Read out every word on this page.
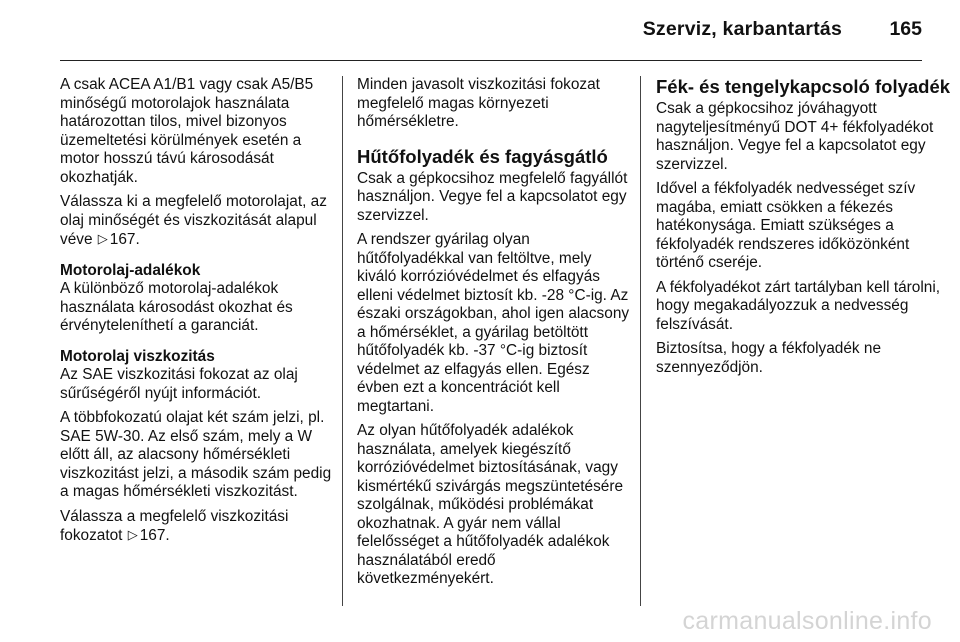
Szerviz, karbantartás 165

A csak ACEA A1/B1 vagy csak A5/B5 minőségű motorolajok használata határozottan tilos, mivel bizonyos üzemeltetési körülmények esetén a motor hosszú távú károsodását okozhatják.

Válassza ki a megfelelő motorolajat, az olaj minőségét és viszkozitását alapul véve ▷ 167.

Motorolaj-adalékok

A különböző motorolaj-adalékok használata károsodást okozhat és érvényteleníthetí a garanciát.

Motorolaj viszkozitás

Az SAE viszkozitási fokozat az olaj sűrűségéről nyújt információt.

A többfokozatú olajat két szám jelzi, pl. SAE 5W-30. Az első szám, mely a W előtt áll, az alacsony hőmérsékleti viszkozitást jelzi, a második szám pedig a magas hőmérsékleti viszkozitást.

Válassza a megfelelő viszkozitási fokozatot ▷ 167.

Minden javasolt viszkozitási fokozat megfelelő magas környezeti hőmérsékletre.

Hűtőfolyadék és fagyásgátló

Csak a gépkocsihoz megfelelő fagyállót használjon. Vegye fel a kapcsolatot egy szervizzel.

A rendszer gyárilag olyan hűtőfolyadékkal van feltöltve, mely kiváló korrózióvédelmet és elfagyás elleni védelmet biztosít kb. -28 °C-ig. Az északi országokban, ahol igen alacsony a hőmérséklet, a gyárilag betöltött hűtőfolyadék kb. -37 °C-ig biztosít védelmet az elfagyás ellen. Egész évben ezt a koncentrációt kell megtartani.

Az olyan hűtőfolyadék adalékok használata, amelyek kiegészítő korrózióvédelmet biztosításának, vagy kismértékű szivárgás megszüntetésére szolgálnak, működési problémákat okozhatnak. A gyár nem vállal felelősséget a hűtőfolyadék adalékok használatából eredő következményekért.

Fék- és tengelykapcsoló folyadék

Csak a gépkocsihoz jóváhagyott nagyteljesítményű DOT 4+ fékfolyadékot használjon. Vegye fel a kapcsolatot egy szervizzel.

Idővel a fékfolyadék nedvességet szív magába, emiatt csökken a fékezés hatékonysága. Emiatt szükséges a fékfolyadék rendszeres időközönként történő cseréje.

A fékfolyadékot zárt tartályban kell tárolni, hogy megakadályozzuk a nedvesség felszívását.

Biztosítsa, hogy a fékfolyadék ne szennyeződjön.

carmanualsonline.info
